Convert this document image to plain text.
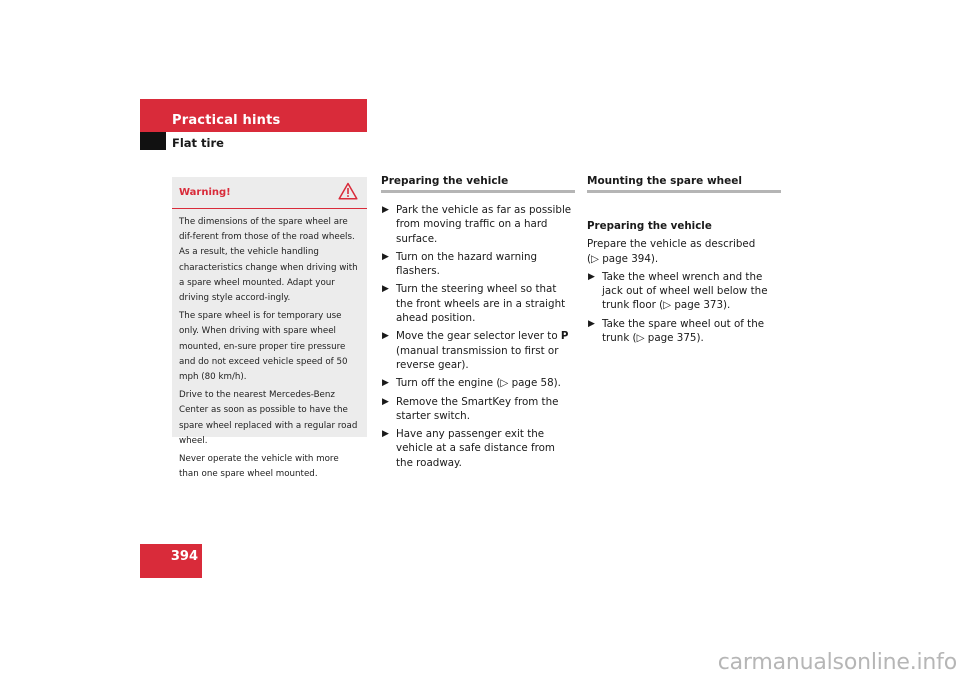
Practical hints
Flat tire
Warning!

The dimensions of the spare wheel are dif-ferent from those of the road wheels. As a result, the vehicle handling characteristics change when driving with a spare wheel mounted. Adapt your driving style accord-ingly.

The spare wheel is for temporary use only. When driving with spare wheel mounted, en-sure proper tire pressure and do not exceed vehicle speed of 50 mph (80 km/h).

Drive to the nearest Mercedes-Benz Center as soon as possible to have the spare wheel replaced with a regular road wheel.

Never operate the vehicle with more than one spare wheel mounted.

Preparing the vehicle
▶ Park the vehicle as far as possible from moving traffic on a hard surface.
▶ Turn on the hazard warning flashers.
▶ Turn the steering wheel so that the front wheels are in a straight ahead position.
▶ Move the gear selector lever to P (manual transmission to first or reverse gear).
▶ Turn off the engine (▷ page 58).
▶ Remove the SmartKey from the starter switch.
▶ Have any passenger exit the vehicle at a safe distance from the roadway.
Mounting the spare wheel
Preparing the vehicle
Prepare the vehicle as described
(▷ page 394).
▶ Take the wheel wrench and the jack out of wheel well below the trunk floor (▷ page 373).
▶ Take the spare wheel out of the trunk (▷ page 375).
394
carmanualsonline.info
